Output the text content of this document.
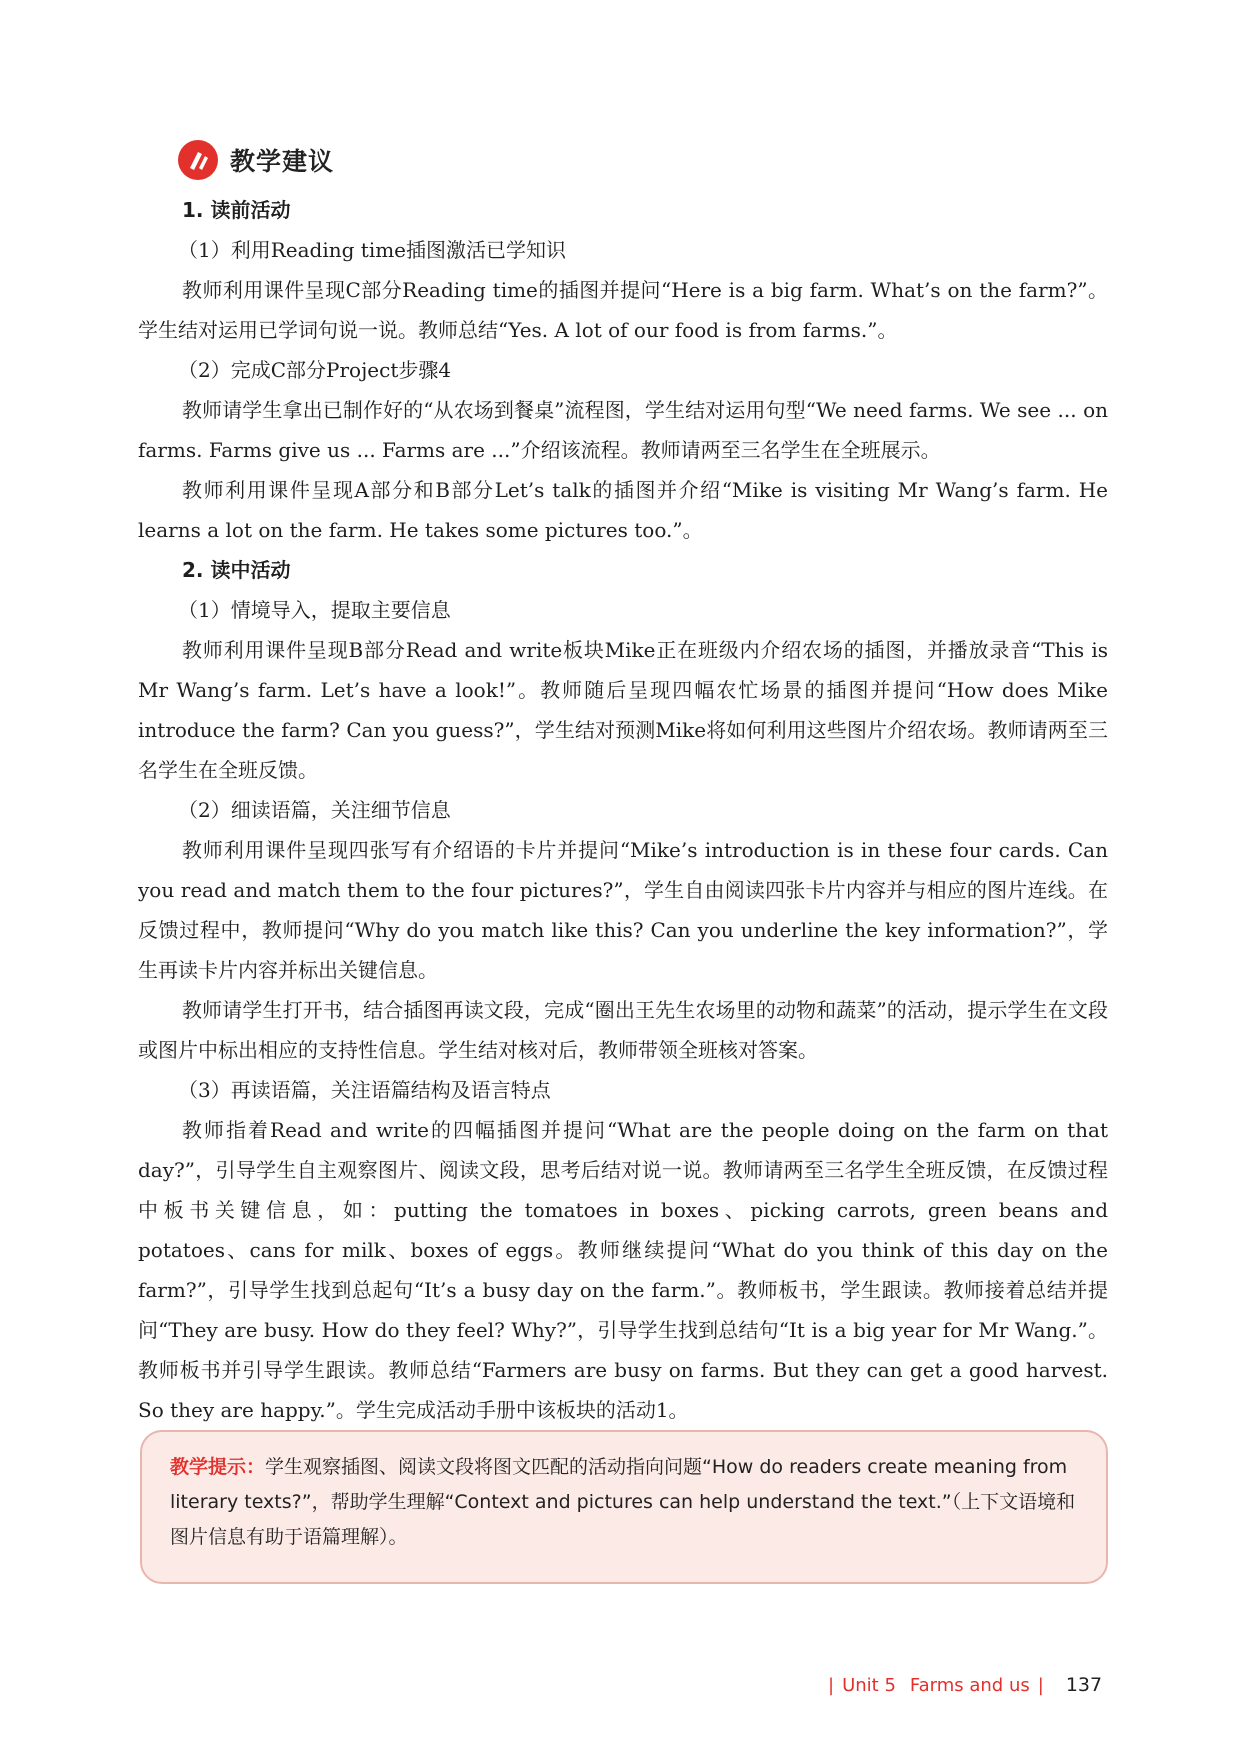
教学建议

1. 读前活动

（1）利用Reading time插图激活已学知识

教师利用课件呈现C部分Reading time的插图并提问“Here is a big farm. What’s on the farm?”。学生结对运用已学词句说一说。教师总结“Yes. A lot of our food is from farms.”。

（2）完成C部分Project步骤4

教师请学生拿出已制作好的“从农场到餐桌”流程图，学生结对运用句型“We need farms. We see ... on farms. Farms give us ... Farms are ...”介绍该流程。教师请两至三名学生在全班展示。

教师利用课件呈现A部分和B部分Let’s talk的插图并介绍“Mike is visiting Mr Wang’s farm. He learns a lot on the farm. He takes some pictures too.”。

2. 读中活动

（1）情境导入，提取主要信息

教师利用课件呈现B部分Read and write板块Mike正在班级内介绍农场的插图，并播放录音“This is Mr Wang’s farm. Let’s have a look!”。教师随后呈现四幅农忙场景的插图并提问“How does Mike introduce the farm? Can you guess?”，学生结对预测Mike将如何利用这些图片介绍农场。教师请两至三名学生在全班反馈。

（2）细读语篇，关注细节信息

教师利用课件呈现四张写有介绍语的卡片并提问“Mike’s introduction is in these four cards. Can you read and match them to the four pictures?”，学生自由阅读四张卡片内容并与相应的图片连线。在反馈过程中，教师提问“Why do you match like this? Can you underline the key information?”，学生再读卡片内容并标出关键信息。

教师请学生打开书，结合插图再读文段，完成“圈出王先生农场里的动物和蔬菜”的活动，提示学生在文段或图片中标出相应的支持性信息。学生结对核对后，教师带领全班核对答案。

（3）再读语篇，关注语篇结构及语言特点

教师指着Read and write的四幅插图并提问“What are the people doing on the farm on that day?”，引导学生自主观察图片、阅读文段，思考后结对说一说。教师请两至三名学生全班反馈，在反馈过程中板书关键信息，如：putting the tomatoes in boxes、picking carrots, green beans and potatoes、cans for milk、boxes of eggs。教师继续提问“What do you think of this day on the farm?”，引导学生找到总起句“It’s a busy day on the farm.”。教师板书，学生跟读。教师接着总结并提问“They are busy. How do they feel? Why?”，引导学生找到总结句“It is a big year for Mr Wang.”。教师板书并引导学生跟读。教师总结“Farmers are busy on farms. But they can get a good harvest. So they are happy.”。学生完成活动手册中该板块的活动1。

教学提示：学生观察插图、阅读文段将图文匹配的活动指向问题“How do readers create meaning from literary texts?”，帮助学生理解“Context and pictures can help understand the text.”（上下文语境和图片信息有助于语篇理解）。
| Unit 5 Farms and us | 137
